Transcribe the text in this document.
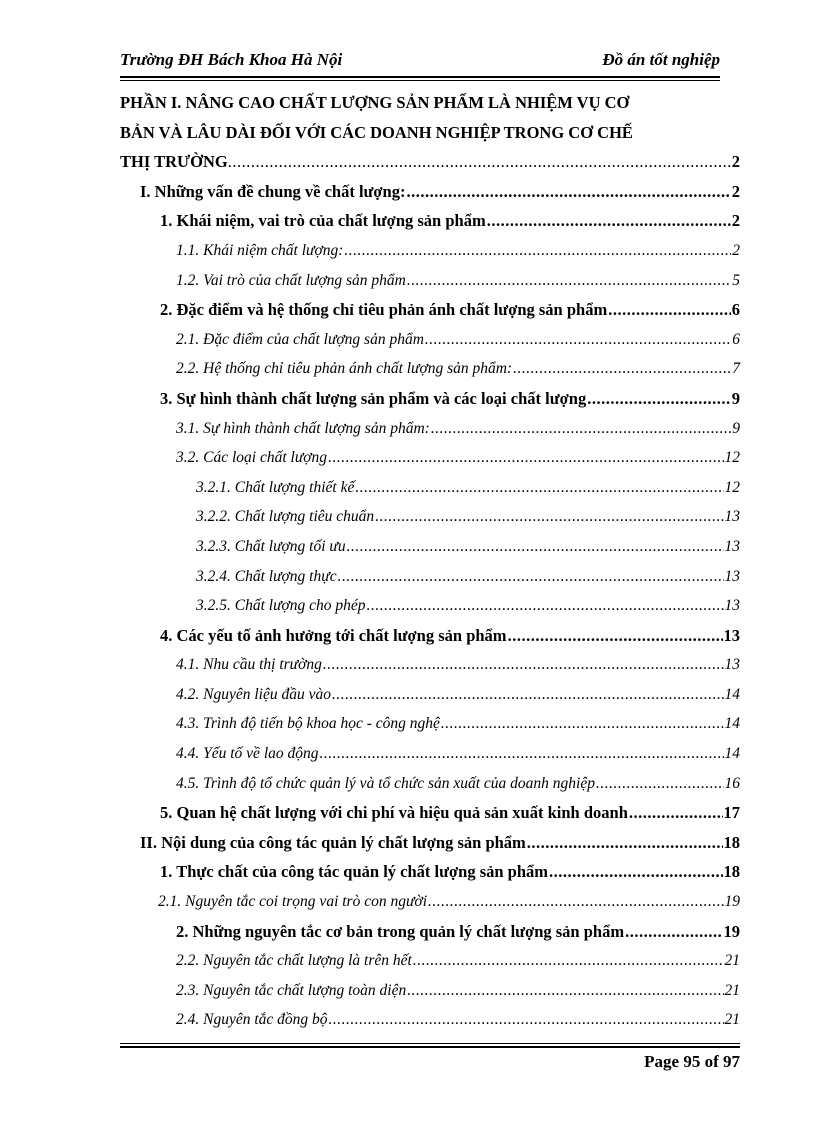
Trường ĐH Bách Khoa Hà Nội	Đồ án tốt nghiệp
PHẦN I. NÂNG CAO CHẤT LƯỢNG SẢN PHẨM LÀ NHIỆM VỤ CƠ
BẢN VÀ LÂU DÀI ĐỐI VỚI CÁC DOANH NGHIỆP TRONG CƠ CHẾ
THỊ TRƯỜNG .....	2
I. Những vấn đề chung về chất lượng: .....	2
1. Khái niệm, vai trò của chất lượng sản phẩm .....	2
1.1. Khái niệm chất lượng: .....	2
1.2. Vai trò của chất lượng sản phẩm .....	5
2. Đặc điểm và hệ thống chỉ tiêu phản ánh chất lượng sản phẩm .....	6
2.1. Đặc điểm của chất lượng sản phẩm .....	6
2.2. Hệ thống chỉ tiêu phản ánh chất lượng sản phẩm: .....	7
3. Sự hình thành chất lượng sản phẩm và các loại chất lượng .....	9
3.1. Sự hình thành chất lượng sản phẩm: .....	9
3.2. Các loại chất lượng .....	12
3.2.1. Chất lượng thiết kế .....	12
3.2.2. Chất lượng tiêu chuẩn .....	13
3.2.3. Chất lượng tối ưu .....	13
3.2.4. Chất lượng thực .....	13
3.2.5. Chất lượng cho phép .....	13
4. Các yếu tố ảnh hưởng tới chất lượng sản phẩm .....	13
4.1. Nhu cầu thị trường .....	13
4.2. Nguyên liệu đầu vào .....	14
4.3. Trình độ tiến bộ khoa học - công nghệ .....	14
4.4. Yếu tố về lao động .....	14
4.5. Trình độ tổ chức quản lý và tổ chức sản xuất của doanh nghiệp .....	16
5. Quan hệ chất lượng với chi phí và hiệu quả sản xuất kinh doanh .....	17
II. Nội dung của công tác quản lý chất lượng sản phẩm .....	18
1. Thực chất của công tác quản lý chất lượng sản phẩm .....	18
2.1. Nguyên tắc coi trọng vai trò con người .....	19
2. Những nguyên tắc cơ bản trong quản lý chất lượng sản phẩm .....	19
2.2. Nguyên tắc chất lượng là trên hết .....	21
2.3. Nguyên tắc chất lượng toàn diện .....	21
2.4. Nguyên tắc đồng bộ .....	21
Page 95 of 97
